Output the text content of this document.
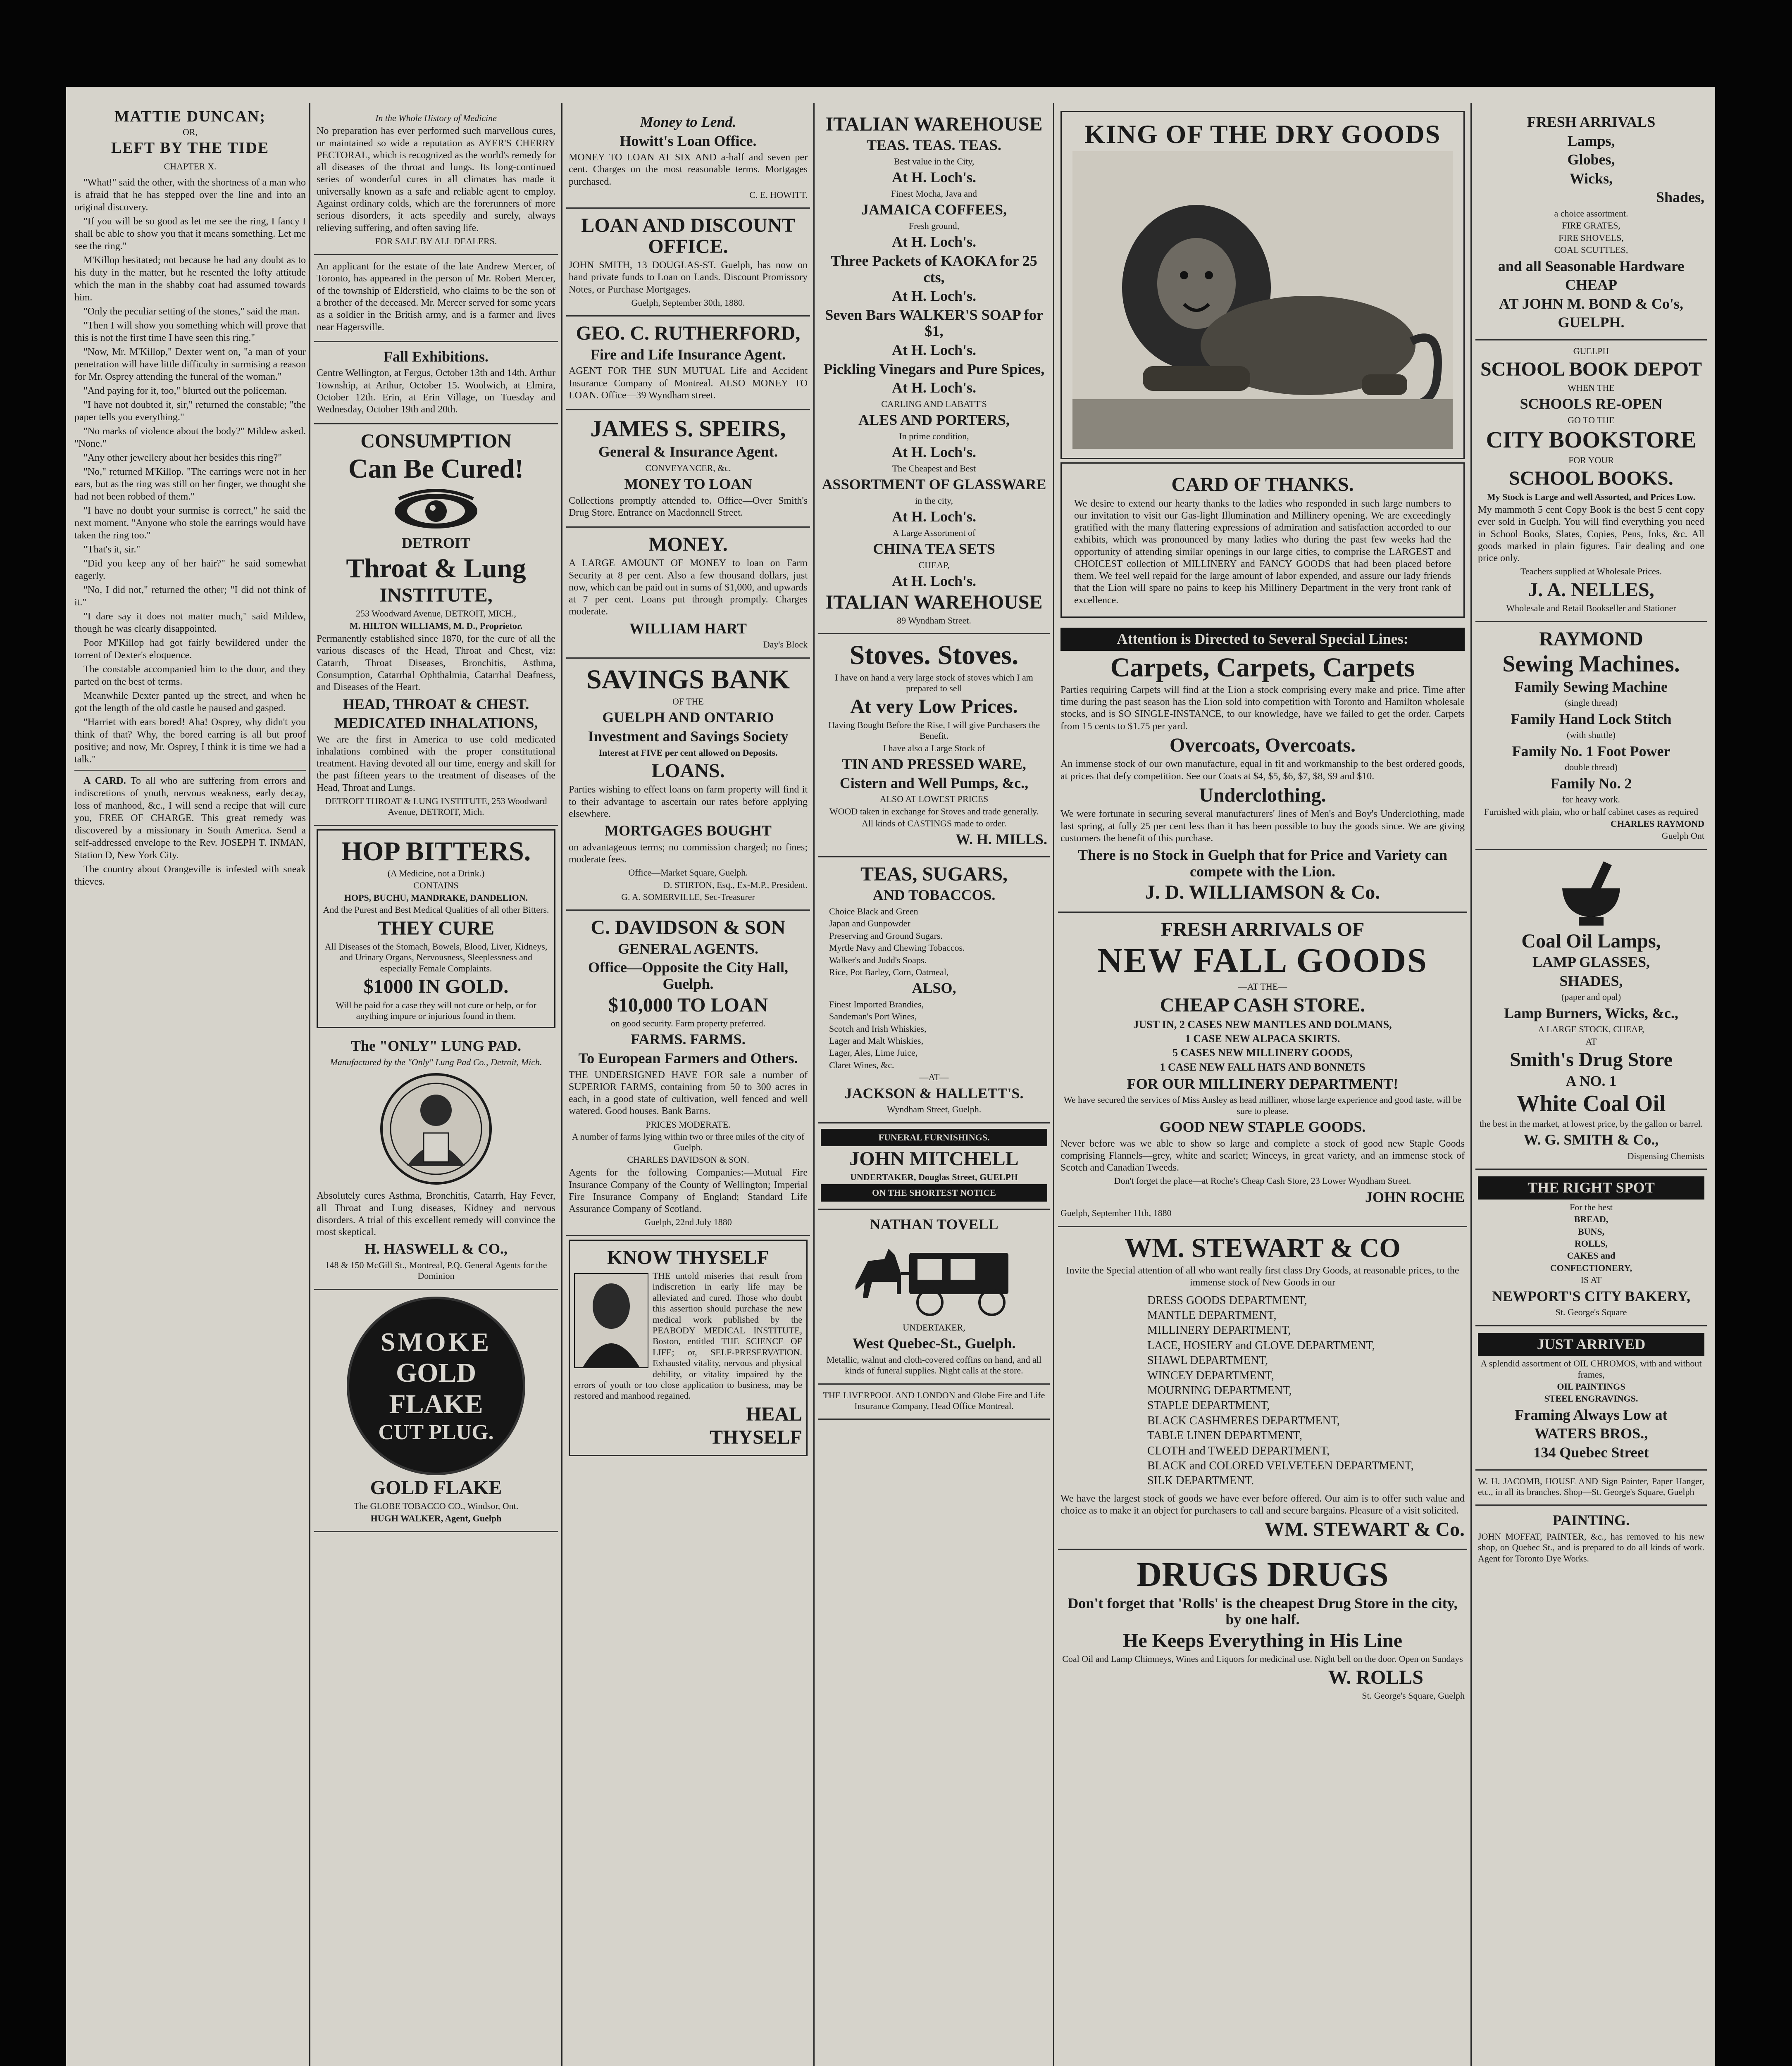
MATTIE DUNCAN;
OR,
LEFT BY THE TIDE
CHAPTER X.

"What!" said the other, with the shortness of a man who is afraid that he has stepped over the line and into an original discovery.

"If you will be so good as let me see the ring, I fancy I shall be able to show you that it means something. Let me see the ring."

M'Killop hesitated; not because he had any doubt as to his duty in the matter, but he resented the lofty attitude which the man in the shabby coat had assumed towards him.

"Only the peculiar setting of the stones," said the man.

"Then I will show you something which will prove that this is not the first time I have seen this ring."

"Now, Mr. M'Killop," Dexter went on, "a man of your penetration will have little difficulty in surmising a reason for Mr. Osprey attending the funeral of the woman."

"And paying for it, too," blurted out the policeman.

"I have not doubted it, sir," returned the constable; "the paper tells you everything."

"No marks of violence about the body?" Mildew asked. "None."

"Any other jewellery about her besides this ring?"

"No," returned M'Killop. "The earrings were not in her ears, but as the ring was still on her finger, we thought she had not been robbed of them."

"I have no doubt your surmise is correct," he said the next moment. "Anyone who stole the earrings would have taken the ring too."

"That's it, sir."

"Did you keep any of her hair?" he said somewhat eagerly.

"No, I did not," returned the other; "I did not think of it."

"I dare say it does not matter much," said Mildew, though he was clearly disappointed.

Poor M'Killop had got fairly bewildered under the torrent of Dexter's eloquence.

The constable accompanied him to the door, and they parted on the best of terms.

Meanwhile Dexter panted up the street, and when he got the length of the old castle he paused and gasped.

"Harriet with ears bored! Aha! Osprey, why didn't you think of that? Why, the bored earring is all but proof positive; and now, Mr. Osprey, I think it is time we had a talk."

A CARD. To all who are suffering from errors and indiscretions of youth, nervous weakness, early decay, loss of manhood, &c., I will send a recipe that will cure you, FREE OF CHARGE. This great remedy was discovered by a missionary in South America. Send a self-addressed envelope to the Rev. JOSEPH T. INMAN, Station D, New York City.

The country about Orangeville is infested with sneak thieves.

In the Whole History of Medicine
No preparation has ever performed such marvellous cures, or maintained so wide a reputation as AYER'S CHERRY PECTORAL, which is recognized as the world's remedy for all diseases of the throat and lungs. Its long-continued series of wonderful cures in all climates has made it universally known as a safe and reliable agent to employ. Against ordinary colds, which are the forerunners of more serious disorders, it acts speedily and surely, always relieving suffering, and often saving life.
FOR SALE BY ALL DEALERS.
An applicant for the estate of the late Andrew Mercer, of Toronto, has appeared in the person of Mr. Robert Mercer, of the township of Eldersfield, who claims to be the son of a brother of the deceased. Mr. Mercer served for some years as a soldier in the British army, and is a farmer and lives near Hagersville.
Fall Exhibitions.
Centre Wellington, at Fergus, October 13th and 14th. Arthur Township, at Arthur, October 15. Woolwich, at Elmira, October 12th. Erin, at Erin Village, on Tuesday and Wednesday, October 19th and 20th.
CONSUMPTION
Can Be Cured!
DETROIT
Throat & Lung
INSTITUTE,
253 Woodward Avenue, DETROIT, MICH.,
M. HILTON WILLIAMS, M. D., Proprietor.
Permanently established since 1870, for the cure of all the various diseases of the Head, Throat and Chest, viz: Catarrh, Throat Diseases, Bronchitis, Asthma, Consumption, Catarrhal Ophthalmia, Catarrhal Deafness, and Diseases of the Heart.
HEAD, THROAT & CHEST.
MEDICATED INHALATIONS,
We are the first in America to use cold medicated inhalations combined with the proper constitutional treatment. Having devoted all our time, energy and skill for the past fifteen years to the treatment of diseases of the Head, Throat and Lungs.
DETROIT THROAT & LUNG INSTITUTE, 253 Woodward Avenue, DETROIT, Mich.
HOP BITTERS.
(A Medicine, not a Drink.)
CONTAINS
HOPS, BUCHU, MANDRAKE, DANDELION.
And the Purest and Best Medical Qualities of all other Bitters.
THEY CURE
All Diseases of the Stomach, Bowels, Blood, Liver, Kidneys, and Urinary Organs, Nervousness, Sleeplessness and especially Female Complaints.
$1000 IN GOLD.
Will be paid for a case they will not cure or help, or for anything impure or injurious found in them.
The "ONLY" LUNG PAD.
Manufactured by the "Only" Lung Pad Co., Detroit, Mich.
Absolutely cures Asthma, Bronchitis, Catarrh, Hay Fever, all Throat and Lung diseases, Kidney and nervous disorders. A trial of this excellent remedy will convince the most skeptical.
H. HASWELL & CO.,
148 & 150 McGill St., Montreal, P.Q. General Agents for the Dominion
SMOKE
GOLD FLAKE
CUT PLUG.
GOLD FLAKE
The GLOBE TOBACCO CO., Windsor, Ont.
HUGH WALKER, Agent, Guelph
Money to Lend.
Howitt's Loan Office.
MONEY TO LOAN AT SIX AND a-half and seven per cent. Charges on the most reasonable terms. Mortgages purchased.
C. E. HOWITT.
LOAN AND DISCOUNT OFFICE.
JOHN SMITH, 13 DOUGLAS-ST. Guelph, has now on hand private funds to Loan on Lands. Discount Promissory Notes, or Purchase Mortgages.
Guelph, September 30th, 1880.
GEO. C. RUTHERFORD,
Fire and Life Insurance Agent.
AGENT FOR THE SUN MUTUAL Life and Accident Insurance Company of Montreal. ALSO MONEY TO LOAN. Office—39 Wyndham street.
JAMES S. SPEIRS,
General & Insurance Agent.
CONVEYANCER, &c.
MONEY TO LOAN
Collections promptly attended to. Office—Over Smith's Drug Store. Entrance on Macdonnell Street.
MONEY.
A LARGE AMOUNT OF MONEY to loan on Farm Security at 8 per cent. Also a few thousand dollars, just now, which can be paid out in sums of $1,000, and upwards at 7 per cent. Loans put through promptly. Charges moderate.
WILLIAM HART
Day's Block
SAVINGS BANK
OF THE
GUELPH AND ONTARIO
Investment and Savings Society
Interest at FIVE per cent allowed on Deposits.
LOANS.
Parties wishing to effect loans on farm property will find it to their advantage to ascertain our rates before applying elsewhere.
MORTGAGES BOUGHT
on advantageous terms; no commission charged; no fines; moderate fees.
Office—Market Square, Guelph.
D. STIRTON, Esq., Ex-M.P., President.
G. A. SOMERVILLE, Sec-Treasurer
C. DAVIDSON & SON
GENERAL AGENTS.
Office—Opposite the City Hall, Guelph.
$10,000 TO LOAN
on good security. Farm property preferred.
FARMS. FARMS.
To European Farmers and Others.
THE UNDERSIGNED HAVE FOR sale a number of SUPERIOR FARMS, containing from 50 to 300 acres in each, in a good state of cultivation, well fenced and well watered. Good houses. Bank Barns.
PRICES MODERATE.
A number of farms lying within two or three miles of the city of Guelph.
CHARLES DAVIDSON & SON.
Agents for the following Companies:—Mutual Fire Insurance Company of the County of Wellington; Imperial Fire Insurance Company of England; Standard Life Assurance Company of Scotland.
Guelph, 22nd July 1880
KNOW THYSELF
THE untold miseries that result from indiscretion in early life may be alleviated and cured. Those who doubt this assertion should purchase the new medical work published by the PEABODY MEDICAL INSTITUTE, Boston, entitled THE SCIENCE OF LIFE; or, SELF-PRESERVATION. Exhausted vitality, nervous and physical debility, or vitality impaired by the errors of youth or too close application to business, may be restored and manhood regained.
HEAL
THYSELF
ITALIAN WAREHOUSE
TEAS. TEAS. TEAS.
Best value in the City,
At H. Loch's.
Finest Mocha, Java and
JAMAICA COFFEES,
Fresh ground,
At H. Loch's.
Three Packets of KAOKA for 25 cts,
At H. Loch's.
Seven Bars WALKER'S SOAP for $1,
At H. Loch's.
Pickling Vinegars and Pure Spices,
At H. Loch's.
CARLING AND LABATT'S
ALES AND PORTERS,
In prime condition,
At H. Loch's.
The Cheapest and Best
ASSORTMENT OF GLASSWARE
in the city,
At H. Loch's.
A Large Assortment of
CHINA TEA SETS
CHEAP,
At H. Loch's.
ITALIAN WAREHOUSE
89 Wyndham Street.
Stoves. Stoves.
I have on hand a very large stock of stoves which I am prepared to sell
At very Low Prices.
Having Bought Before the Rise, I will give Purchasers the Benefit.
I have also a Large Stock of
TIN AND PRESSED WARE,
Cistern and Well Pumps, &c.,
ALSO AT LOWEST PRICES
WOOD taken in exchange for Stoves and trade generally.
All kinds of CASTINGS made to order.
W. H. MILLS.
TEAS, SUGARS,
AND TOBACCOS.
Choice Black and Green
Japan and Gunpowder
Preserving and Ground Sugars.
Myrtle Navy and Chewing Tobaccos.
Walker's and Judd's Soaps.
Rice, Pot Barley, Corn, Oatmeal,
ALSO,
Finest Imported Brandies,
Sandeman's Port Wines,
Scotch and Irish Whiskies,
Lager and Malt Whiskies,
Lager, Ales, Lime Juice,
Claret Wines, &c.
—AT—
JACKSON & HALLETT'S.
Wyndham Street, Guelph.
FUNERAL FURNISHINGS.
JOHN MITCHELL
UNDERTAKER, Douglas Street, GUELPH
ON THE SHORTEST NOTICE
NATHAN TOVELL
UNDERTAKER,
West Quebec-St., Guelph.
Metallic, walnut and cloth-covered coffins on hand, and all kinds of funeral supplies. Night calls at the store.
THE LIVERPOOL AND LONDON and Globe Fire and Life Insurance Company, Head Office Montreal.
KING OF THE DRY GOODS
CARD OF THANKS.
We desire to extend our hearty thanks to the ladies who responded in such large numbers to our invitation to visit our Gas-light Illumination and Millinery opening. We are exceedingly gratified with the many flattering expressions of admiration and satisfaction accorded to our exhibits, which was pronounced by many ladies who during the past few weeks had the opportunity of attending similar openings in our large cities, to comprise the LARGEST and CHOICEST collection of MILLINERY and FANCY GOODS that had been placed before them. We feel well repaid for the large amount of labor expended, and assure our lady friends that the Lion will spare no pains to keep his Millinery Department in the very front rank of excellence.
Attention is Directed to Several Special Lines:
Carpets, Carpets, Carpets
Parties requiring Carpets will find at the Lion a stock comprising every make and price. Time after time during the past season has the Lion sold into competition with Toronto and Hamilton wholesale stocks, and is SO SINGLE-INSTANCE, to our knowledge, have we failed to get the order. Carpets from 15 cents to $1.75 per yard.
Overcoats, Overcoats.
An immense stock of our own manufacture, equal in fit and workmanship to the best ordered goods, at prices that defy competition. See our Coats at $4, $5, $6, $7, $8, $9 and $10.
Underclothing.
We were fortunate in securing several manufacturers' lines of Men's and Boy's Underclothing, made last spring, at fully 25 per cent less than it has been possible to buy the goods since. We are giving customers the benefit of this purchase.
There is no Stock in Guelph that for Price and Variety can compete with the Lion.
J. D. WILLIAMSON & Co.
FRESH ARRIVALS OF
NEW FALL GOODS
—AT THE—
CHEAP CASH STORE.
JUST IN, 2 CASES NEW MANTLES AND DOLMANS,
1 CASE NEW ALPACA SKIRTS.
5 CASES NEW MILLINERY GOODS,
1 CASE NEW FALL HATS AND BONNETS
FOR OUR MILLINERY DEPARTMENT!
We have secured the services of Miss Ansley as head milliner, whose large experience and good taste, will be sure to please.
GOOD NEW STAPLE GOODS.
Never before was we able to show so large and complete a stock of good new Staple Goods comprising Flannels—grey, white and scarlet; Winceys, in great variety, and an immense stock of Scotch and Canadian Tweeds.
Don't forget the place—at Roche's Cheap Cash Store, 23 Lower Wyndham Street.
JOHN ROCHE
Guelph, September 11th, 1880
WM. STEWART & CO
Invite the Special attention of all who want really first class Dry Goods, at reasonable prices, to the immense stock of New Goods in our
DRESS GOODS DEPARTMENT,
MANTLE DEPARTMENT,
MILLINERY DEPARTMENT,
LACE, HOSIERY and GLOVE DEPARTMENT,
SHAWL DEPARTMENT,
WINCEY DEPARTMENT,
MOURNING DEPARTMENT,
STAPLE DEPARTMENT,
BLACK CASHMERES DEPARTMENT,
TABLE LINEN DEPARTMENT,
CLOTH and TWEED DEPARTMENT,
BLACK and COLORED VELVETEEN DEPARTMENT,
SILK DEPARTMENT.
We have the largest stock of goods we have ever before offered. Our aim is to offer such value and choice as to make it an object for purchasers to call and secure bargains. Pleasure of a visit solicited.
WM. STEWART & Co.
DRUGS DRUGS
Don't forget that 'Rolls' is the cheapest Drug Store in the city, by one half.
He Keeps Everything in His Line
Coal Oil and Lamp Chimneys, Wines and Liquors for medicinal use. Night bell on the door. Open on Sundays
W. ROLLS
St. George's Square, Guelph
FRESH ARRIVALS
Lamps,
Globes,
Wicks,
Shades,
a choice assortment.
FIRE GRATES,
FIRE SHOVELS,
COAL SCUTTLES,
and all Seasonable Hardware
CHEAP
AT JOHN M. BOND & Co's,
GUELPH.
GUELPH
SCHOOL BOOK DEPOT
WHEN THE
SCHOOLS RE-OPEN
GO TO THE
CITY BOOKSTORE
FOR YOUR
SCHOOL BOOKS.
My Stock is Large and well Assorted, and Prices Low.
My mammoth 5 cent Copy Book is the best 5 cent copy ever sold in Guelph. You will find everything you need in School Books, Slates, Copies, Pens, Inks, &c. All goods marked in plain figures. Fair dealing and one price only.
Teachers supplied at Wholesale Prices.
J. A. NELLES,
Wholesale and Retail Bookseller and Stationer
RAYMOND
Sewing Machines.
Family Sewing Machine
(single thread)
Family Hand Lock Stitch
(with shuttle)
Family No. 1 Foot Power
double thread)
Family No. 2
for heavy work.
Furnished with plain, who or half cabinet cases as required
CHARLES RAYMOND
Guelph Ont
Coal Oil Lamps,
LAMP GLASSES,
SHADES,
(paper and opal)
Lamp Burners, Wicks, &c.,
A LARGE STOCK, CHEAP,
AT
Smith's Drug Store
A NO. 1
White Coal Oil
the best in the market, at lowest price, by the gallon or barrel.
W. G. SMITH & Co.,
Dispensing Chemists
THE RIGHT SPOT
For the best
BREAD,
BUNS,
ROLLS,
CAKES and
CONFECTIONERY,
IS AT
NEWPORT'S CITY BAKERY,
St. George's Square
JUST ARRIVED
A splendid assortment of OIL CHROMOS, with and without frames,
OIL PAINTINGS
STEEL ENGRAVINGS.
Framing Always Low at
WATERS BROS.,
134 Quebec Street
W. H. JACOMB, HOUSE AND Sign Painter, Paper Hanger, etc., in all its branches. Shop—St. George's Square, Guelph
PAINTING.
JOHN MOFFAT, PAINTER, &c., has removed to his new shop, on Quebec St., and is prepared to do all kinds of work. Agent for Toronto Dye Works.
